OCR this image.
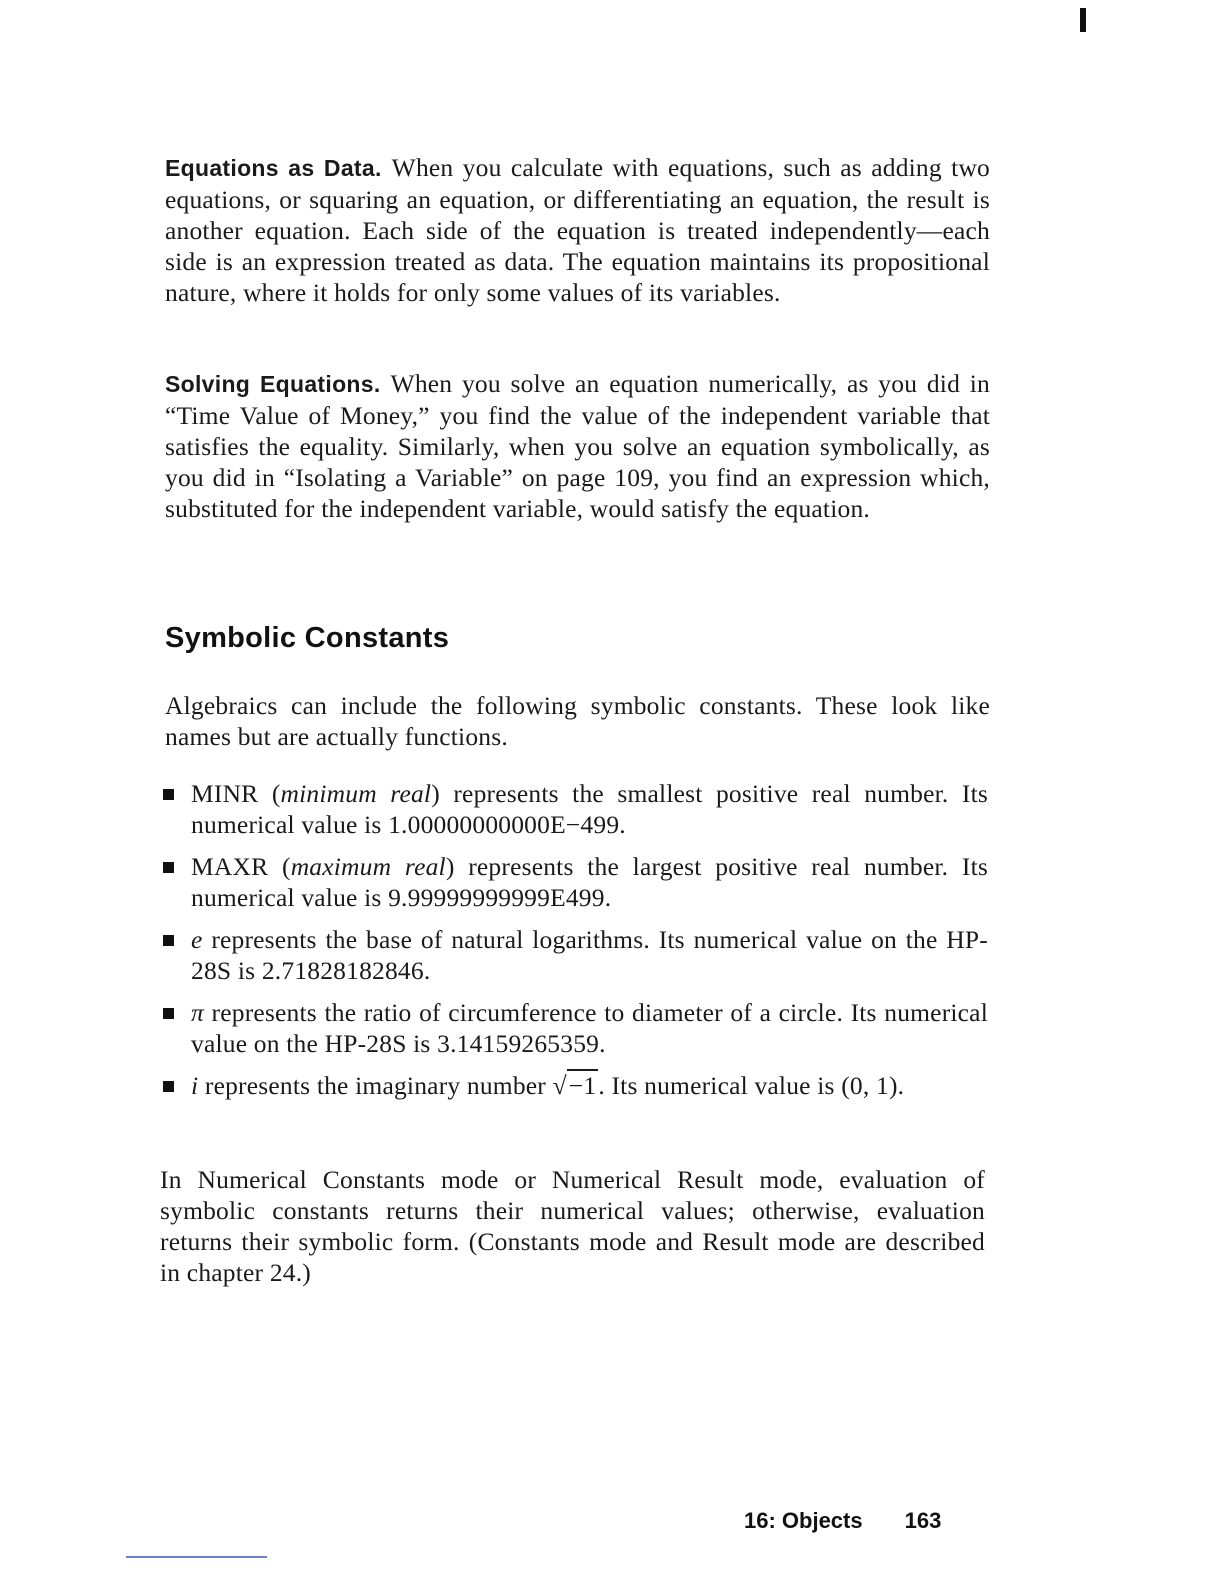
Equations as Data. When you calculate with equations, such as adding two equations, or squaring an equation, or differentiating an equation, the result is another equation. Each side of the equation is treated independently—each side is an expression treated as data. The equation maintains its propositional nature, where it holds for only some values of its variables.

Solving Equations. When you solve an equation numerically, as you did in “Time Value of Money,” you find the value of the independent variable that satisfies the equality. Similarly, when you solve an equation symbolically, as you did in “Isolating a Variable” on page 109, you find an expression which, substituted for the independent variable, would satisfy the equation.

Symbolic Constants

Algebraics can include the following symbolic constants. These look like names but are actually functions.

MINR (minimum real) represents the smallest positive real number. Its numerical value is 1.00000000000E−499.

MAXR (maximum real) represents the largest positive real number. Its numerical value is 9.99999999999E499.

e represents the base of natural logarithms. Its numerical value on the HP-28S is 2.71828182846.

π represents the ratio of circumference to diameter of a circle. Its numerical value on the HP-28S is 3.14159265359.

i represents the imaginary number √−1. Its numerical value is (0, 1).

In Numerical Constants mode or Numerical Result mode, evaluation of symbolic constants returns their numerical values; otherwise, evaluation returns their symbolic form. (Constants mode and Result mode are described in chapter 24.)

16: Objects 163
